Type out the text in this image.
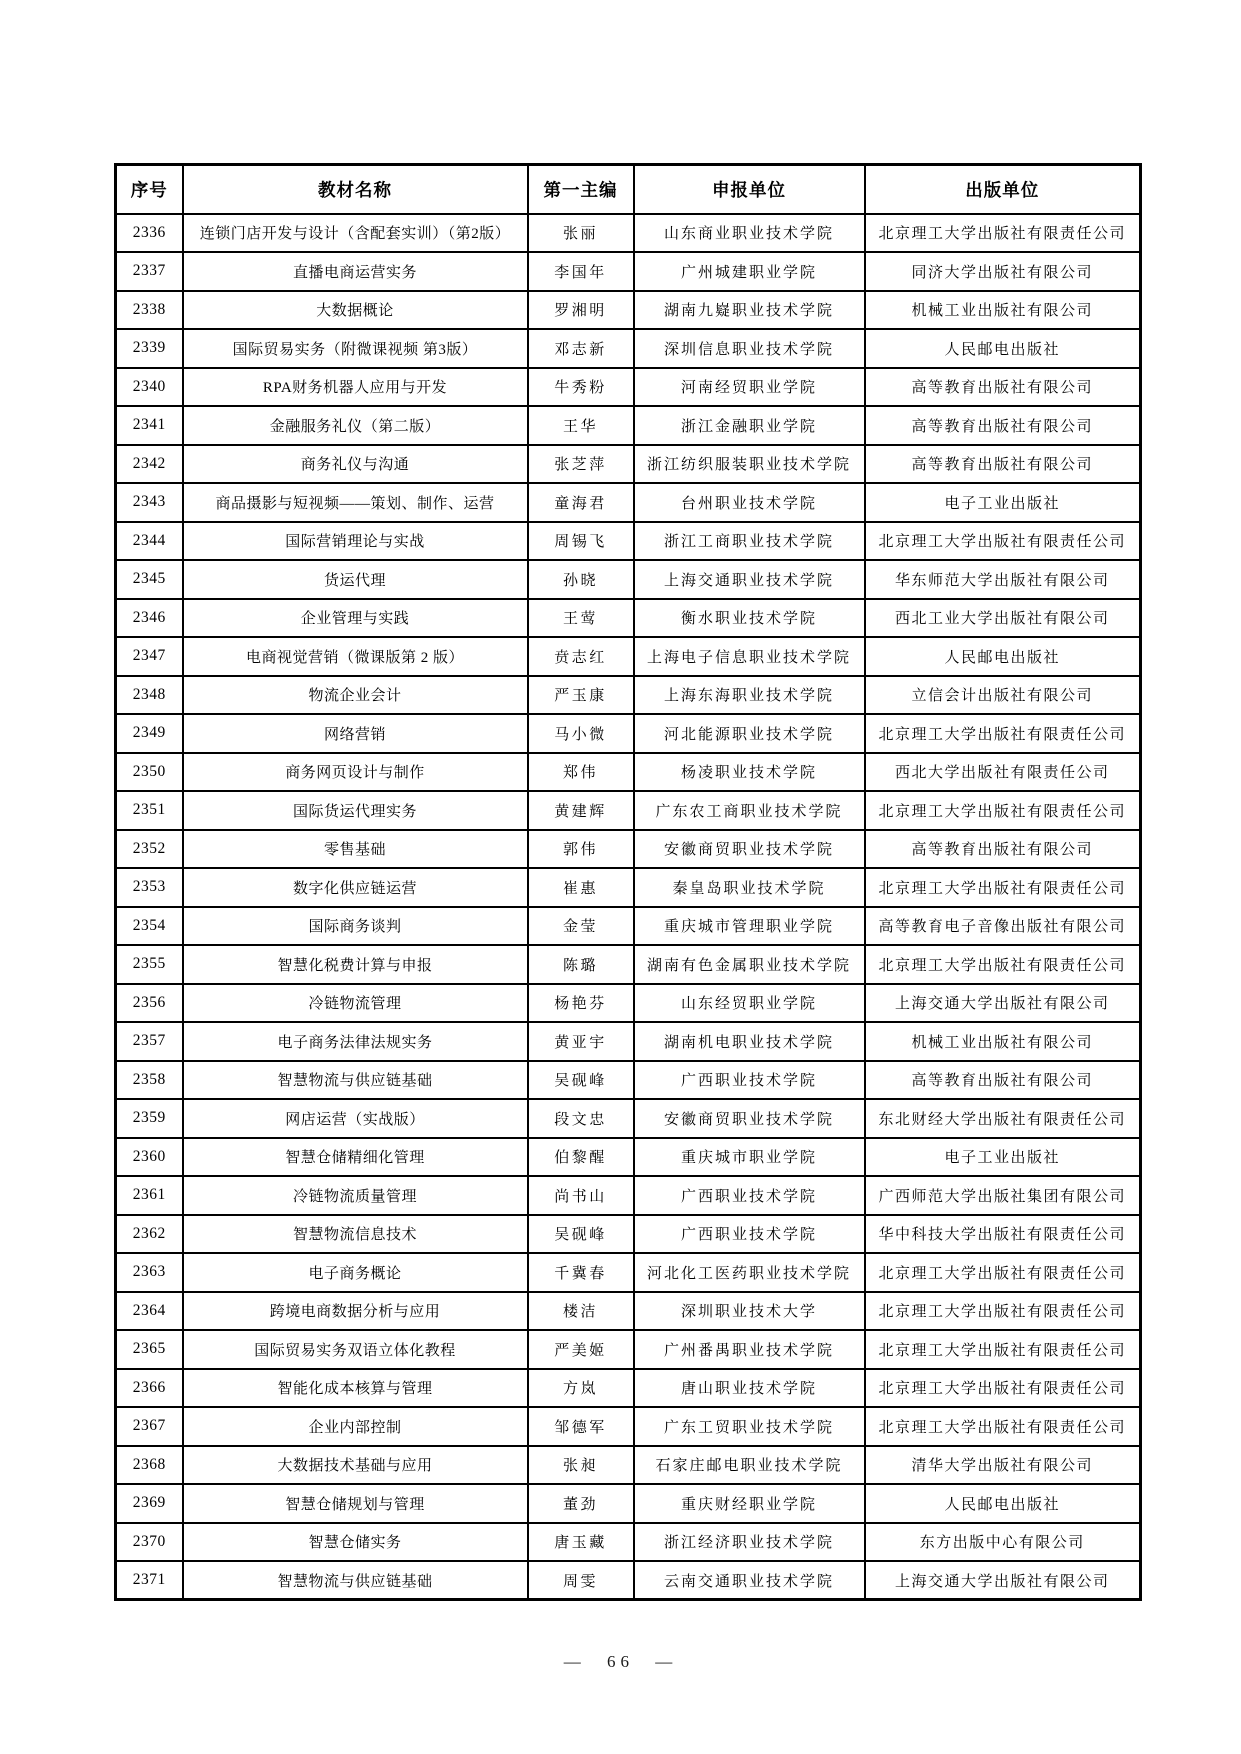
序号	教材名称	第一主编	申报单位	出版单位
2336	连锁门店开发与设计（含配套实训）（第2版）	张丽	山东商业职业技术学院	北京理工大学出版社有限责任公司
2337	直播电商运营实务	李国年	广州城建职业学院	同济大学出版社有限公司
2338	大数据概论	罗湘明	湖南九嶷职业技术学院	机械工业出版社有限公司
2339	国际贸易实务（附微课视频 第3版）	邓志新	深圳信息职业技术学院	人民邮电出版社
2340	RPA财务机器人应用与开发	牛秀粉	河南经贸职业学院	高等教育出版社有限公司
2341	金融服务礼仪（第二版）	王华	浙江金融职业学院	高等教育出版社有限公司
2342	商务礼仪与沟通	张芝萍	浙江纺织服装职业技术学院	高等教育出版社有限公司
2343	商品摄影与短视频——策划、制作、运营	童海君	台州职业技术学院	电子工业出版社
2344	国际营销理论与实战	周锡飞	浙江工商职业技术学院	北京理工大学出版社有限责任公司
2345	货运代理	孙晓	上海交通职业技术学院	华东师范大学出版社有限公司
2346	企业管理与实践	王莺	衡水职业技术学院	西北工业大学出版社有限公司
2347	电商视觉营销（微课版第 2 版）	贲志红	上海电子信息职业技术学院	人民邮电出版社
2348	物流企业会计	严玉康	上海东海职业技术学院	立信会计出版社有限公司
2349	网络营销	马小微	河北能源职业技术学院	北京理工大学出版社有限责任公司
2350	商务网页设计与制作	郑伟	杨凌职业技术学院	西北大学出版社有限责任公司
2351	国际货运代理实务	黄建辉	广东农工商职业技术学院	北京理工大学出版社有限责任公司
2352	零售基础	郭伟	安徽商贸职业技术学院	高等教育出版社有限公司
2353	数字化供应链运营	崔惠	秦皇岛职业技术学院	北京理工大学出版社有限责任公司
2354	国际商务谈判	金莹	重庆城市管理职业学院	高等教育电子音像出版社有限公司
2355	智慧化税费计算与申报	陈璐	湖南有色金属职业技术学院	北京理工大学出版社有限责任公司
2356	冷链物流管理	杨艳芬	山东经贸职业学院	上海交通大学出版社有限公司
2357	电子商务法律法规实务	黄亚宇	湖南机电职业技术学院	机械工业出版社有限公司
2358	智慧物流与供应链基础	吴砚峰	广西职业技术学院	高等教育出版社有限公司
2359	网店运营（实战版）	段文忠	安徽商贸职业技术学院	东北财经大学出版社有限责任公司
2360	智慧仓储精细化管理	伯黎醒	重庆城市职业学院	电子工业出版社
2361	冷链物流质量管理	尚书山	广西职业技术学院	广西师范大学出版社集团有限公司
2362	智慧物流信息技术	吴砚峰	广西职业技术学院	华中科技大学出版社有限责任公司
2363	电子商务概论	千冀春	河北化工医药职业技术学院	北京理工大学出版社有限责任公司
2364	跨境电商数据分析与应用	楼洁	深圳职业技术大学	北京理工大学出版社有限责任公司
2365	国际贸易实务双语立体化教程	严美姬	广州番禺职业技术学院	北京理工大学出版社有限责任公司
2366	智能化成本核算与管理	方岚	唐山职业技术学院	北京理工大学出版社有限责任公司
2367	企业内部控制	邹德军	广东工贸职业技术学院	北京理工大学出版社有限责任公司
2368	大数据技术基础与应用	张昶	石家庄邮电职业技术学院	清华大学出版社有限公司
2369	智慧仓储规划与管理	董劲	重庆财经职业学院	人民邮电出版社
2370	智慧仓储实务	唐玉藏	浙江经济职业技术学院	东方出版中心有限公司
2371	智慧物流与供应链基础	周雯	云南交通职业技术学院	上海交通大学出版社有限公司
— 66 —
